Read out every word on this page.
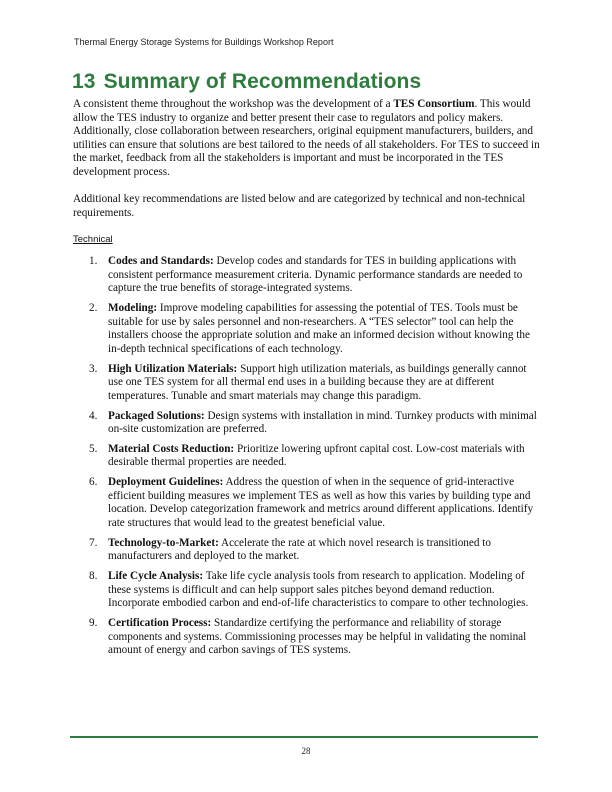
Thermal Energy Storage Systems for Buildings Workshop Report
13 Summary of Recommendations

A consistent theme throughout the workshop was the development of a TES Consortium. This would allow the TES industry to organize and better present their case to regulators and policy makers. Additionally, close collaboration between researchers, original equipment manufacturers, builders, and utilities can ensure that solutions are best tailored to the needs of all stakeholders. For TES to succeed in the market, feedback from all the stakeholders is important and must be incorporated in the TES development process.

Additional key recommendations are listed below and are categorized by technical and non-technical requirements.

Technical
1. Codes and Standards: Develop codes and standards for TES in building applications with consistent performance measurement criteria. Dynamic performance standards are needed to capture the true benefits of storage-integrated systems.
2. Modeling: Improve modeling capabilities for assessing the potential of TES. Tools must be suitable for use by sales personnel and non-researchers. A “TES selector” tool can help the installers choose the appropriate solution and make an informed decision without knowing the in-depth technical specifications of each technology.
3. High Utilization Materials: Support high utilization materials, as buildings generally cannot use one TES system for all thermal end uses in a building because they are at different temperatures. Tunable and smart materials may change this paradigm.
4. Packaged Solutions: Design systems with installation in mind. Turnkey products with minimal on-site customization are preferred.
5. Material Costs Reduction: Prioritize lowering upfront capital cost. Low-cost materials with desirable thermal properties are needed.
6. Deployment Guidelines: Address the question of when in the sequence of grid-interactive efficient building measures we implement TES as well as how this varies by building type and location. Develop categorization framework and metrics around different applications. Identify rate structures that would lead to the greatest beneficial value.
7. Technology-to-Market: Accelerate the rate at which novel research is transitioned to manufacturers and deployed to the market.
8. Life Cycle Analysis: Take life cycle analysis tools from research to application. Modeling of these systems is difficult and can help support sales pitches beyond demand reduction. Incorporate embodied carbon and end-of-life characteristics to compare to other technologies.
9. Certification Process: Standardize certifying the performance and reliability of storage components and systems. Commissioning processes may be helpful in validating the nominal amount of energy and carbon savings of TES systems.
28
